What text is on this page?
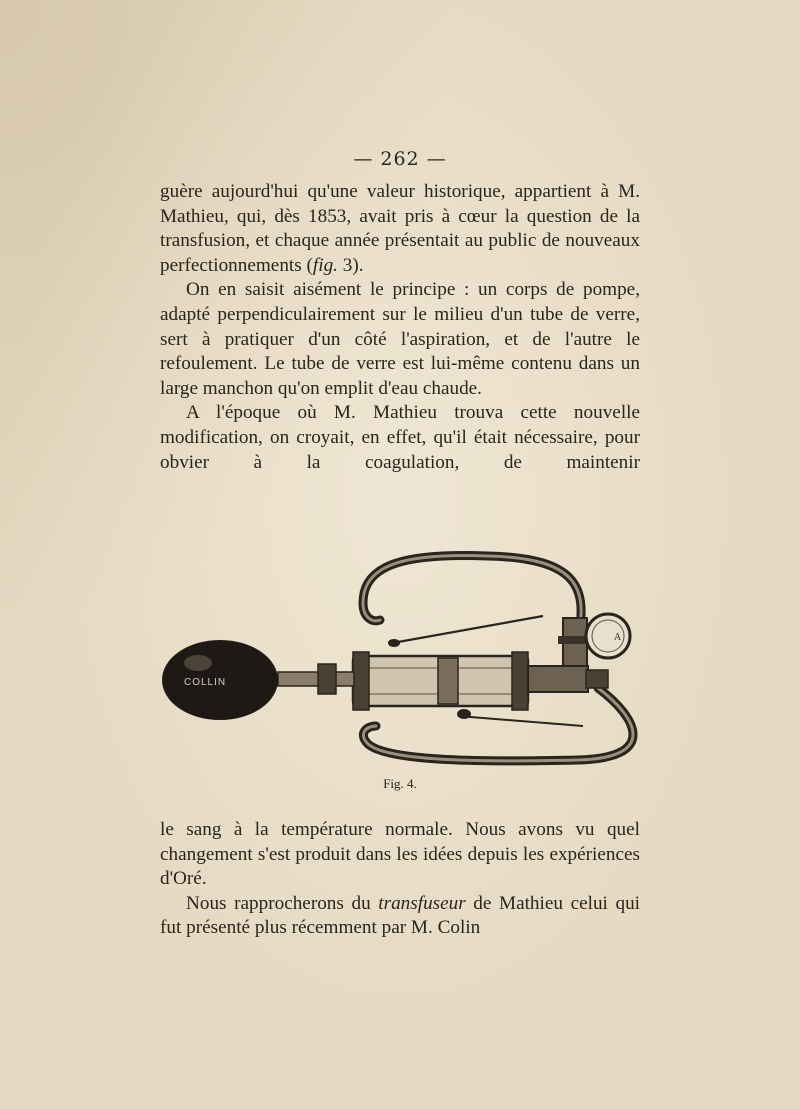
— 262 —

guère aujourd'hui qu'une valeur historique, appartient à M. Mathieu, qui, dès 1853, avait pris à cœur la question de la transfusion, et chaque année présentait au public de nouveaux perfectionnements (fig. 3).

On en saisit aisément le principe : un corps de pompe, adapté perpendiculairement sur le milieu d'un tube de verre, sert à pratiquer d'un côté l'aspiration, et de l'autre le refoulement. Le tube de verre est lui-même contenu dans un large manchon qu'on emplit d'eau chaude.

A l'époque où M. Mathieu trouva cette nouvelle modification, on croyait, en effet, qu'il était nécessaire, pour obvier à la coagulation, de maintenir

A
COLLIN
Fig. 4.

le sang à la température normale. Nous avons vu quel changement s'est produit dans les idées depuis les expériences d'Oré.

Nous rapprocherons du transfuseur de Mathieu celui qui fut présenté plus récemment par M. Colin
